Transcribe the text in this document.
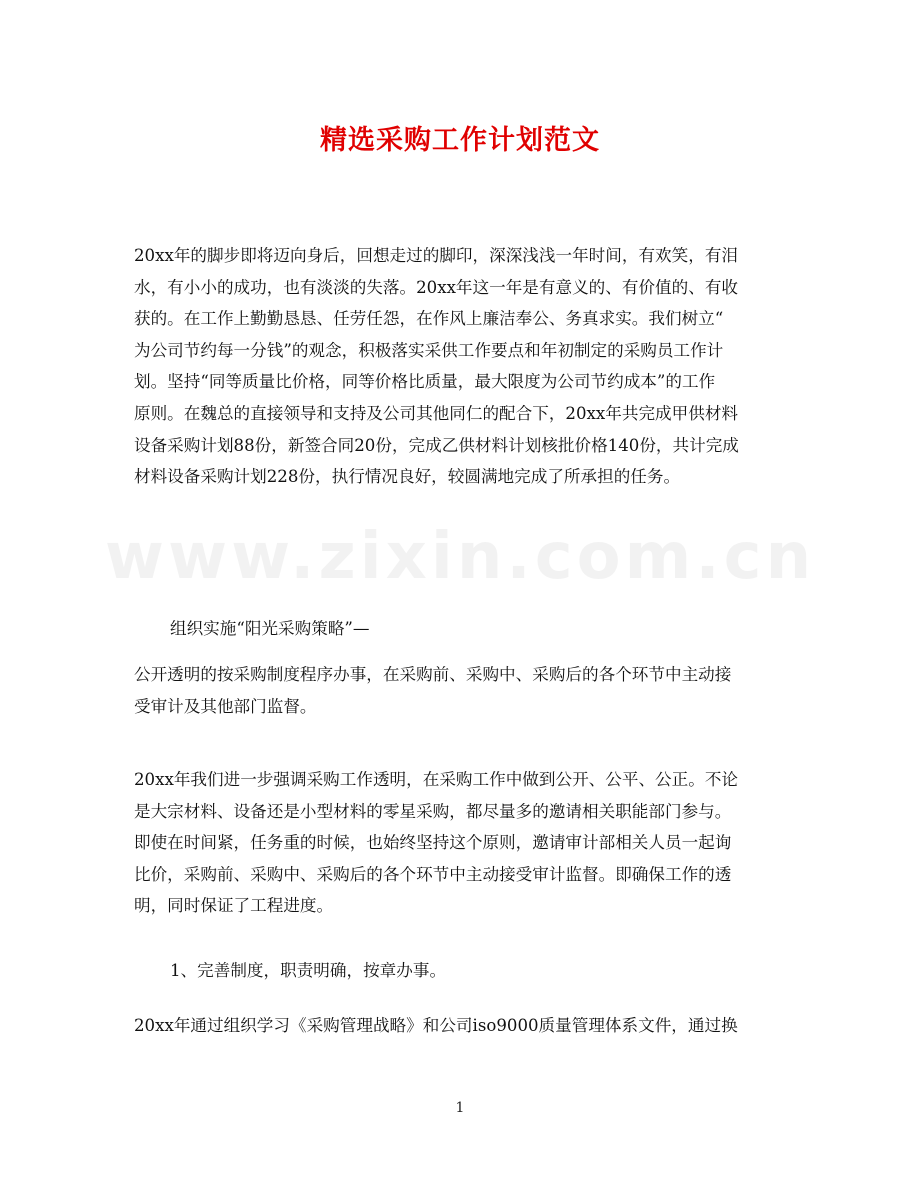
精选采购工作计划范文
www.zixin.com.cn
20xx年的脚步即将迈向身后，回想走过的脚印，深深浅浅一年时间，有欢笑，有泪
水，有小小的成功，也有淡淡的失落。20xx年这一年是有意义的、有价值的、有收
获的。在工作上勤勤恳恳、任劳任怨，在作风上廉洁奉公、务真求实。我们树立“
为公司节约每一分钱”的观念，积极落实采供工作要点和年初制定的采购员工作计
划。坚持“同等质量比价格，同等价格比质量，最大限度为公司节约成本”的工作
原则。在魏总的直接领导和支持及公司其他同仁的配合下，20xx年共完成甲供材料
设备采购计划88份，新签合同20份，完成乙供材料计划核批价格140份，共计完成
材料设备采购计划228份，执行情况良好，较圆满地完成了所承担的任务。
组织实施“阳光采购策略”—
公开透明的按采购制度程序办事，在采购前、采购中、采购后的各个环节中主动接
受审计及其他部门监督。
20xx年我们进一步强调采购工作透明，在采购工作中做到公开、公平、公正。不论
是大宗材料、设备还是小型材料的零星采购，都尽量多的邀请相关职能部门参与。
即使在时间紧，任务重的时候，也始终坚持这个原则，邀请审计部相关人员一起询
比价，采购前、采购中、采购后的各个环节中主动接受审计监督。即确保工作的透
明，同时保证了工程进度。
1、完善制度，职责明确，按章办事。
20xx年通过组织学习《采购管理战略》和公司iso9000质量管理体系文件，通过换
1
